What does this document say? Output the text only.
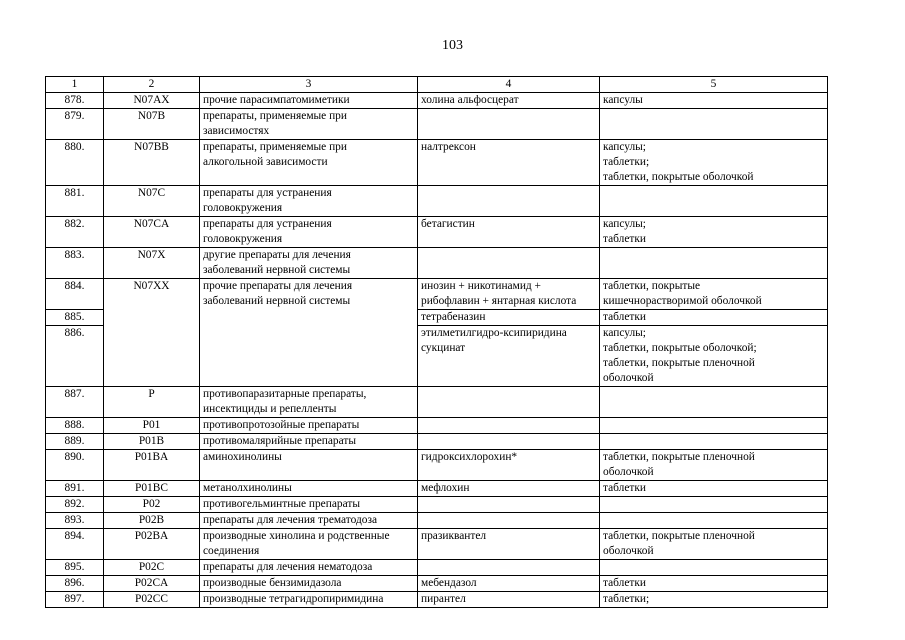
103
1	2	3	4	5
878.	N07AX	прочие парасимпатомиметики	холина альфосцерат	капсулы

879.	N07B	препараты, применяемые при
зависимостях		

880.	N07BB	препараты, применяемые при
алкогольной зависимости	налтрексон	капсулы;
таблетки;
таблетки, покрытые оболочкой

881.	N07C	препараты для устранения
головокружения		

882.	N07CA	препараты для устранения
головокружения	бетагистин	капсулы;
таблетки

883.	N07X	другие препараты для лечения
заболеваний нервной системы		

884.	N07XX	прочие препараты для лечения
заболеваний нервной системы	инозин + никотинамид +
рибофлавин + янтарная кислота	таблетки, покрытые
кишечнорастворимой оболочкой

885.			тетрабеназин	таблетки

886.			этилметилгидро-ксипиридина
сукцинат	капсулы;
таблетки, покрытые оболочкой;
таблетки, покрытые пленочной
оболочкой

887.	P	противопаразитарные препараты,
инсектициды и репелленты		

888.	P01	противопротозойные препараты		

889.	P01B	противомалярийные препараты		

890.	P01BA	аминохинолины	гидроксихлорохин*	таблетки, покрытые пленочной
оболочкой

891.	P01BC	метанолхинолины	мефлохин	таблетки

892.	P02	противогельминтные препараты		

893.	P02B	препараты для лечения трематодоза		

894.	P02BA	производные хинолина и родственные
соединения	празиквантел	таблетки, покрытые пленочной
оболочкой

895.	P02C	препараты для лечения нематодоза		

896.	P02CA	производные бензимидазола	мебендазол	таблетки

897.	P02CC	производные тетрагидропиримидина	пирантел	таблетки;
